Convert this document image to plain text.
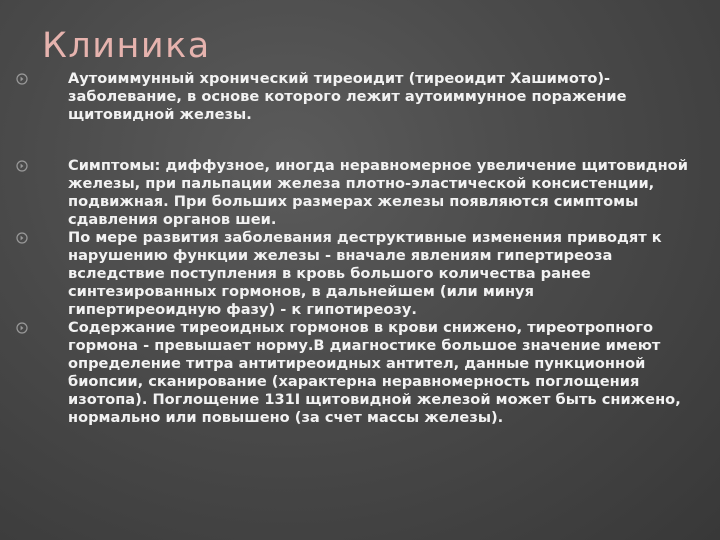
Клиника
Аутоиммунный хронический тиреоидит (тиреоидит Хашимото)-заболевание, в основе которого лежит аутоиммунное поражение щитовидной железы.
Симптомы: диффузное, иногда неравномерное увеличение щитовидной железы, при пальпации железа плотно-эластической консистенции, подвижная. При больших размерах железы появляются симптомы сдавления органов шеи.
По мере развития заболевания деструктивные изменения приводят к нарушению функции железы - вначале явлениям гипертиреоза вследствие поступления в кровь большого количества ранее синтезированных гормонов, в дальнейшем (или минуя гипертиреоидную фазу) - к гипотиреозу.
Содержание тиреоидных гормонов в крови снижено, тиреотропного гормона - превышает норму.В диагностике большое значение имеют определение титра антитиреоидных антител, данные пункционной биопсии, сканирование (характерна неравномерность поглощения изотопа). Поглощение 131I щитовидной железой может быть снижено, нормально или повышено (за счет массы железы).
